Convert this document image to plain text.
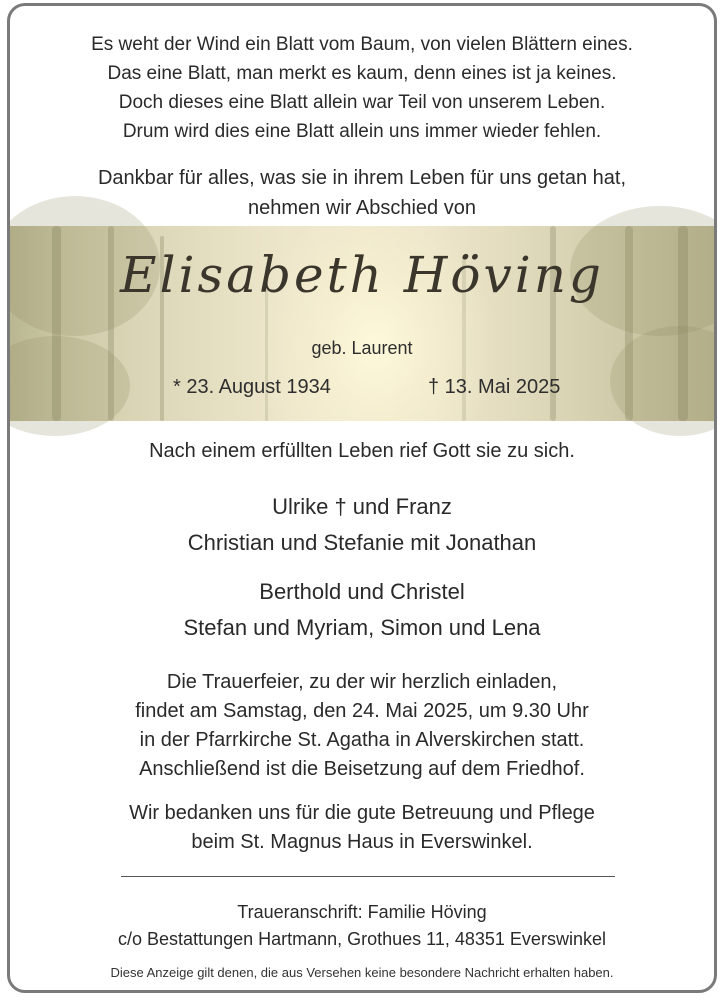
Es weht der Wind ein Blatt vom Baum, von vielen Blättern eines.
Das eine Blatt, man merkt es kaum, denn eines ist ja keines.
Doch dieses eine Blatt allein war Teil von unserem Leben.
Drum wird dies eine Blatt allein uns immer wieder fehlen.
Dankbar für alles, was sie in ihrem Leben für uns getan hat,
nehmen wir Abschied von
Elisabeth Höving
geb. Laurent
* 23. August 1934	† 13. Mai 2025
Nach einem erfüllten Leben rief Gott sie zu sich.
Ulrike † und Franz
Christian und Stefanie mit Jonathan
Berthold und Christel
Stefan und Myriam, Simon und Lena
Die Trauerfeier, zu der wir herzlich einladen,
findet am Samstag, den 24. Mai 2025, um 9.30 Uhr
in der Pfarrkirche St. Agatha in Alverskirchen statt.
Anschließend ist die Beisetzung auf dem Friedhof.
Wir bedanken uns für die gute Betreuung und Pflege
beim St. Magnus Haus in Everswinkel.
Traueranschrift: Familie Höving
c/o Bestattungen Hartmann, Grothues 11, 48351 Everswinkel
Diese Anzeige gilt denen, die aus Versehen keine besondere Nachricht erhalten haben.
